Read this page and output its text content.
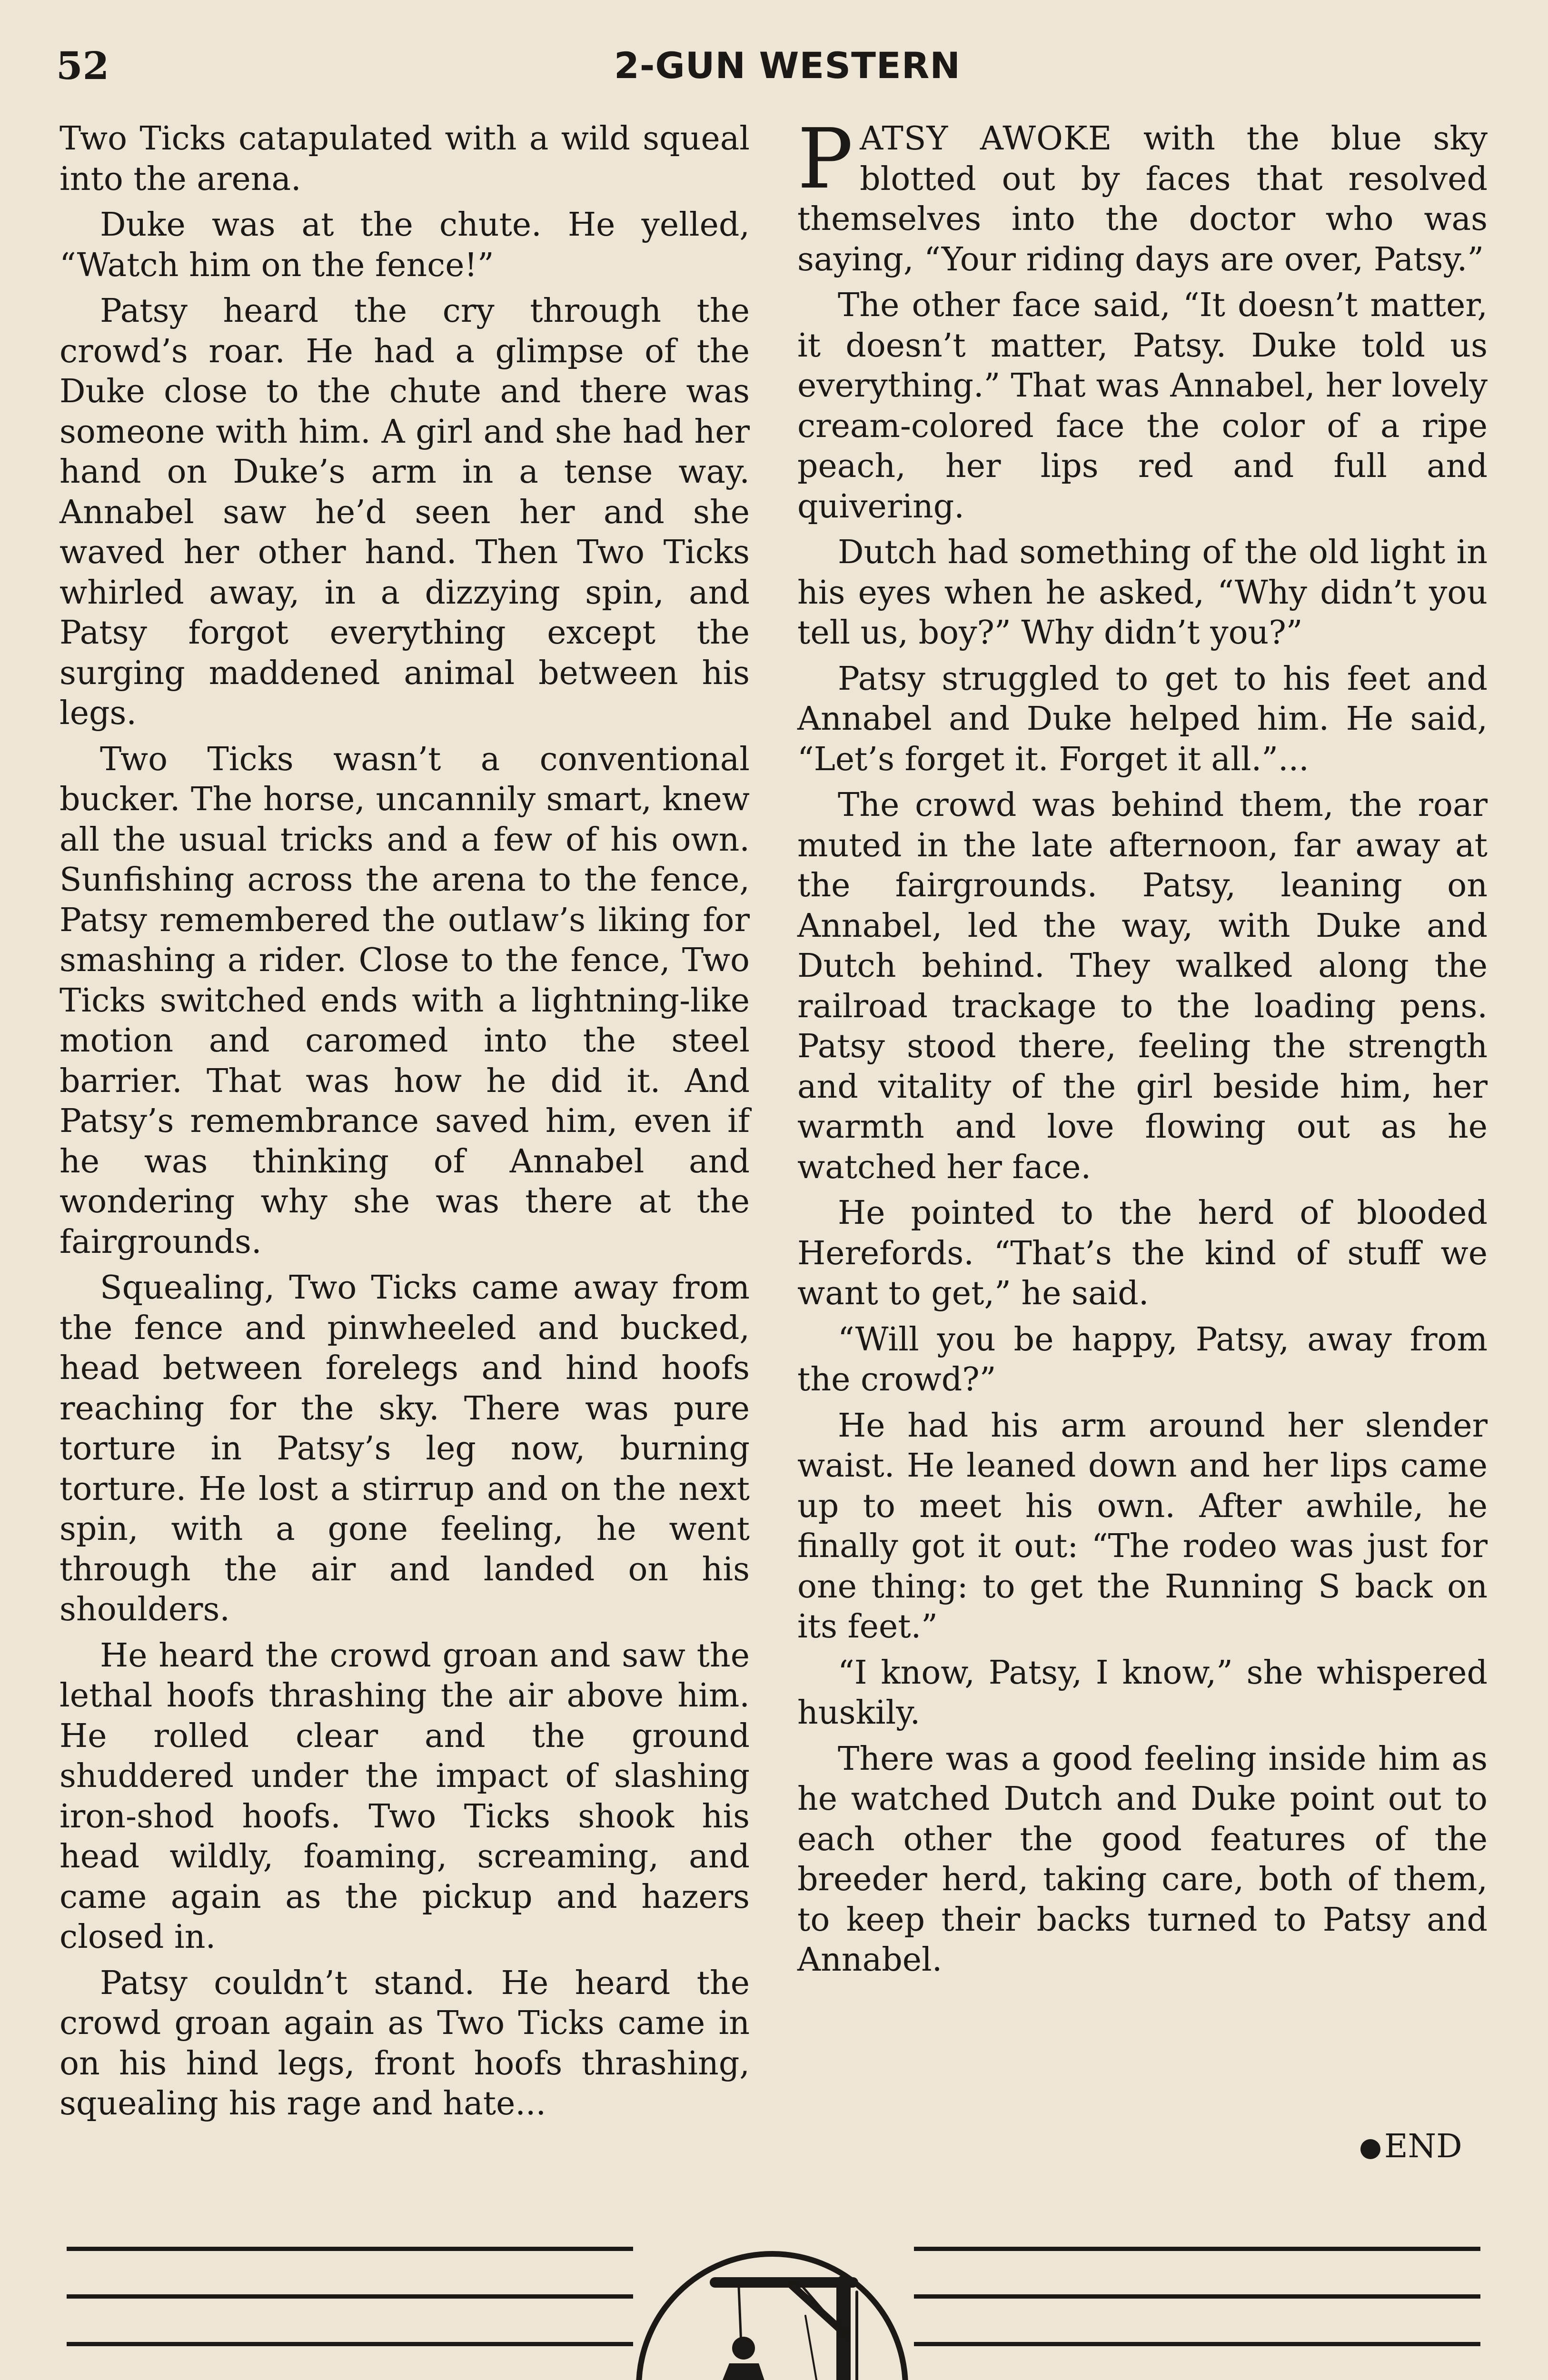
52	2-GUN WESTERN

Two Ticks catapulated with a wild squeal into the arena.

Duke was at the chute. He yelled, “Watch him on the fence!”

Patsy heard the cry through the crowd’s roar. He had a glimpse of the Duke close to the chute and there was someone with him. A girl and she had her hand on Duke’s arm in a tense way. Annabel saw he’d seen her and she waved her other hand. Then Two Ticks whirled away, in a dizzying spin, and Patsy forgot everything except the surging maddened animal between his legs.

Two Ticks wasn’t a conventional bucker. The horse, uncannily smart, knew all the usual tricks and a few of his own. Sunfishing across the arena to the fence, Patsy remembered the outlaw’s liking for smashing a rider. Close to the fence, Two Ticks switched ends with a lightning-like motion and caromed into the steel barrier. That was how he did it. And Patsy’s remembrance saved him, even if he was thinking of Annabel and wondering why she was there at the fairgrounds.

Squealing, Two Ticks came away from the fence and pinwheeled and bucked, head between forelegs and hind hoofs reaching for the sky. There was pure torture in Patsy’s leg now, burning torture. He lost a stirrup and on the next spin, with a gone feeling, he went through the air and landed on his shoulders.

He heard the crowd groan and saw the lethal hoofs thrashing the air above him. He rolled clear and the ground shuddered under the impact of slashing iron-shod hoofs. Two Ticks shook his head wildly, foaming, screaming, and came again as the pickup and hazers closed in.

Patsy couldn’t stand. He heard the crowd groan again as Two Ticks came in on his hind legs, front hoofs thrashing, squealing his rage and hate...

PATSY AWOKE with the blue sky blotted out by faces that resolved themselves into the doctor who was saying, “Your riding days are over, Patsy.”

The other face said, “It doesn’t matter, it doesn’t matter, Patsy. Duke told us everything.” That was Annabel, her lovely cream-colored face the color of a ripe peach, her lips red and full and quivering.

Dutch had something of the old light in his eyes when he asked, “Why didn’t you tell us, boy?” Why didn’t you?”

Patsy struggled to get to his feet and Annabel and Duke helped him. He said, “Let’s forget it. Forget it all.”...

The crowd was behind them, the roar muted in the late afternoon, far away at the fairgrounds. Patsy, leaning on Annabel, led the way, with Duke and Dutch behind. They walked along the railroad trackage to the loading pens. Patsy stood there, feeling the strength and vitality of the girl beside him, her warmth and love flowing out as he watched her face.

He pointed to the herd of blooded Herefords. “That’s the kind of stuff we want to get,” he said.

“Will you be happy, Patsy, away from the crowd?”

He had his arm around her slender waist. He leaned down and her lips came up to meet his own. After awhile, he finally got it out: “The rodeo was just for one thing: to get the Running S back on its feet.”

“I know, Patsy, I know,” she whispered huskily.

There was a good feeling inside him as he watched Dutch and Duke point out to each other the good features of the breeder herd, taking care, both of them, to keep their backs turned to Patsy and Annabel.

END
